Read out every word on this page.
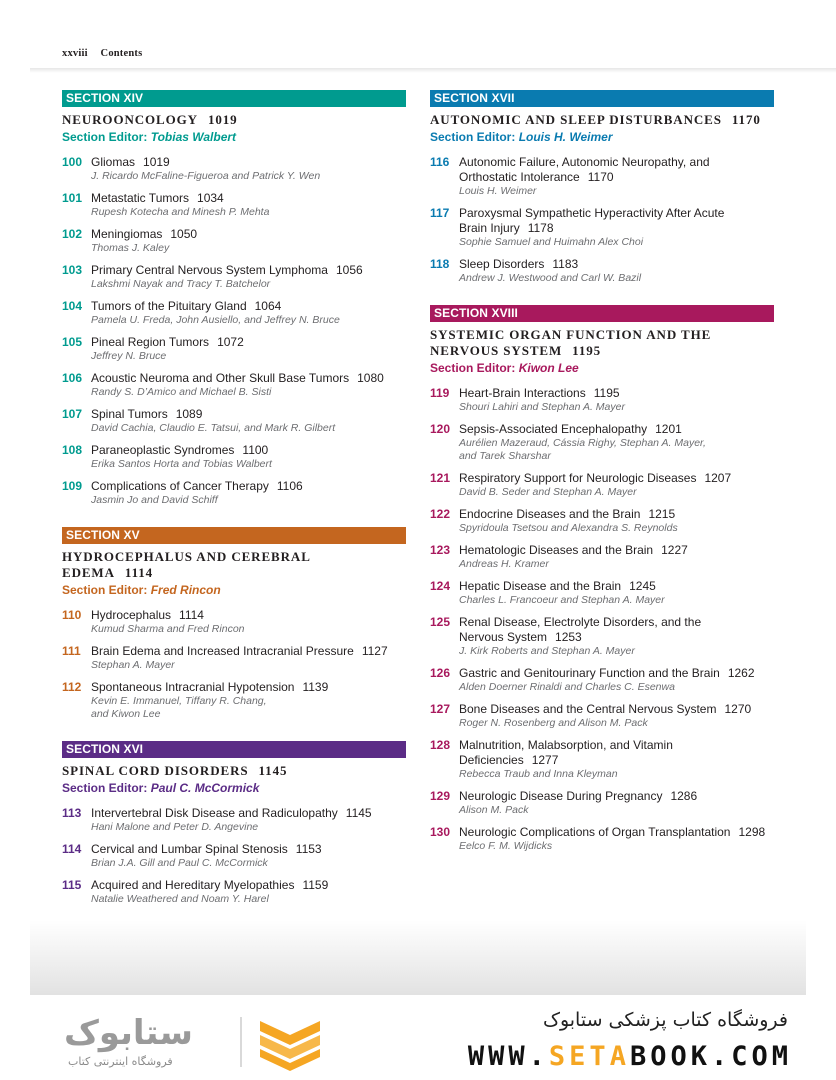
xxviii Contents
SECTION XIV
NEUROONCOLOGY 1019
Section Editor: Tobias Walbert
100 Gliomas 1019
J. Ricardo McFaline-Figueroa and Patrick Y. Wen
101 Metastatic Tumors 1034
Rupesh Kotecha and Minesh P. Mehta
102 Meningiomas 1050
Thomas J. Kaley
103 Primary Central Nervous System Lymphoma 1056
Lakshmi Nayak and Tracy T. Batchelor
104 Tumors of the Pituitary Gland 1064
Pamela U. Freda, John Ausiello, and Jeffrey N. Bruce
105 Pineal Region Tumors 1072
Jeffrey N. Bruce
106 Acoustic Neuroma and Other Skull Base Tumors 1080
Randy S. D’Amico and Michael B. Sisti
107 Spinal Tumors 1089
David Cachia, Claudio E. Tatsui, and Mark R. Gilbert
108 Paraneoplastic Syndromes 1100
Erika Santos Horta and Tobias Walbert
109 Complications of Cancer Therapy 1106
Jasmin Jo and David Schiff
SECTION XV
HYDROCEPHALUS AND CEREBRAL
EDEMA 1114
Section Editor: Fred Rincon
110 Hydrocephalus 1114
Kumud Sharma and Fred Rincon
111 Brain Edema and Increased Intracranial Pressure 1127
Stephan A. Mayer
112 Spontaneous Intracranial Hypotension 1139
Kevin E. Immanuel, Tiffany R. Chang,
and Kiwon Lee
SECTION XVI
SPINAL CORD DISORDERS 1145
Section Editor: Paul C. McCormick
113 Intervertebral Disk Disease and Radiculopathy 1145
Hani Malone and Peter D. Angevine
114 Cervical and Lumbar Spinal Stenosis 1153
Brian J.A. Gill and Paul C. McCormick
115 Acquired and Hereditary Myelopathies 1159
Natalie Weathered and Noam Y. Harel
SECTION XVII
AUTONOMIC AND SLEEP DISTURBANCES 1170
Section Editor: Louis H. Weimer
116 Autonomic Failure, Autonomic Neuropathy, and
Orthostatic Intolerance 1170
Louis H. Weimer
117 Paroxysmal Sympathetic Hyperactivity After Acute
Brain Injury 1178
Sophie Samuel and Huimahn Alex Choi
118 Sleep Disorders 1183
Andrew J. Westwood and Carl W. Bazil
SECTION XVIII
SYSTEMIC ORGAN FUNCTION AND THE
NERVOUS SYSTEM 1195
Section Editor: Kiwon Lee
119 Heart-Brain Interactions 1195
Shouri Lahiri and Stephan A. Mayer
120 Sepsis-Associated Encephalopathy 1201
Aurélien Mazeraud, Cássia Righy, Stephan A. Mayer,
and Tarek Sharshar
121 Respiratory Support for Neurologic Diseases 1207
David B. Seder and Stephan A. Mayer
122 Endocrine Diseases and the Brain 1215
Spyridoula Tsetsou and Alexandra S. Reynolds
123 Hematologic Diseases and the Brain 1227
Andreas H. Kramer
124 Hepatic Disease and the Brain 1245
Charles L. Francoeur and Stephan A. Mayer
125 Renal Disease, Electrolyte Disorders, and the
Nervous System 1253
J. Kirk Roberts and Stephan A. Mayer
126 Gastric and Genitourinary Function and the Brain 1262
Alden Doerner Rinaldi and Charles C. Esenwa
127 Bone Diseases and the Central Nervous System 1270
Roger N. Rosenberg and Alison M. Pack
128 Malnutrition, Malabsorption, and Vitamin Deficiencies 1277
Rebecca Traub and Inna Kleyman
129 Neurologic Disease During Pregnancy 1286
Alison M. Pack
130 Neurologic Complications of Organ Transplantation 1298
Eelco F. M. Wijdicks
ستابوک
فروشگاه اینترنتی کتاب
فروشگاه کتاب پزشکی ستابوک
WWW.SETABOOK.COM
